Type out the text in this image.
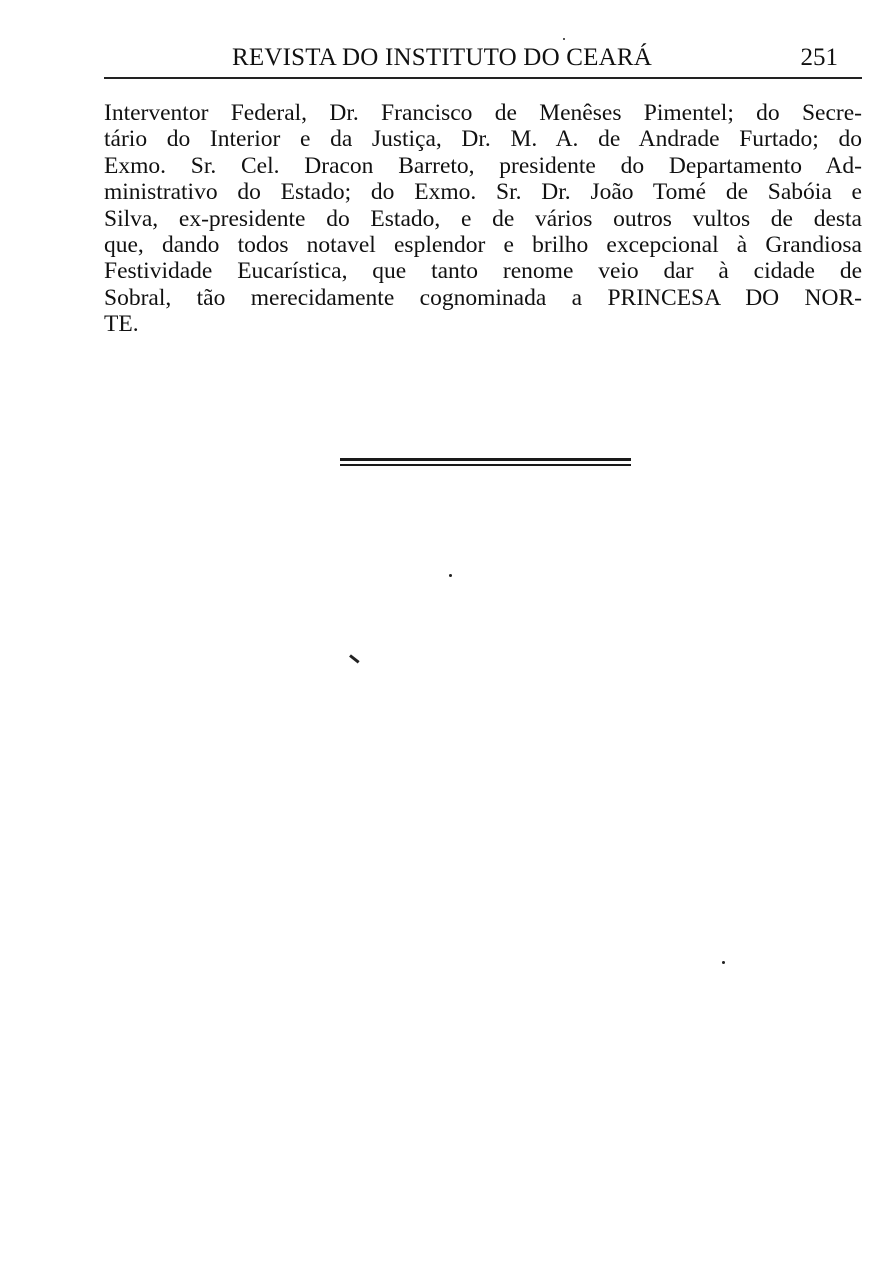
REVISTA DO INSTITUTO DO CEARÁ	251
Interventor Federal, Dr. Francisco de Menêses Pimentel; do Secre-
tário do Interior e da Justiça, Dr. M. A. de Andrade Furtado; do
Exmo. Sr. Cel. Dracon Barreto, presidente do Departamento Ad-
ministrativo do Estado; do Exmo. Sr. Dr. João Tomé de Sabóia e
Silva, ex-presidente do Estado, e de vários outros vultos de desta
que, dando todos notavel esplendor e brilho excepcional à Grandiosa
Festividade Eucarística, que tanto renome veio dar à cidade de
Sobral, tão merecidamente cognominada a PRINCESA DO NOR-
TE.
